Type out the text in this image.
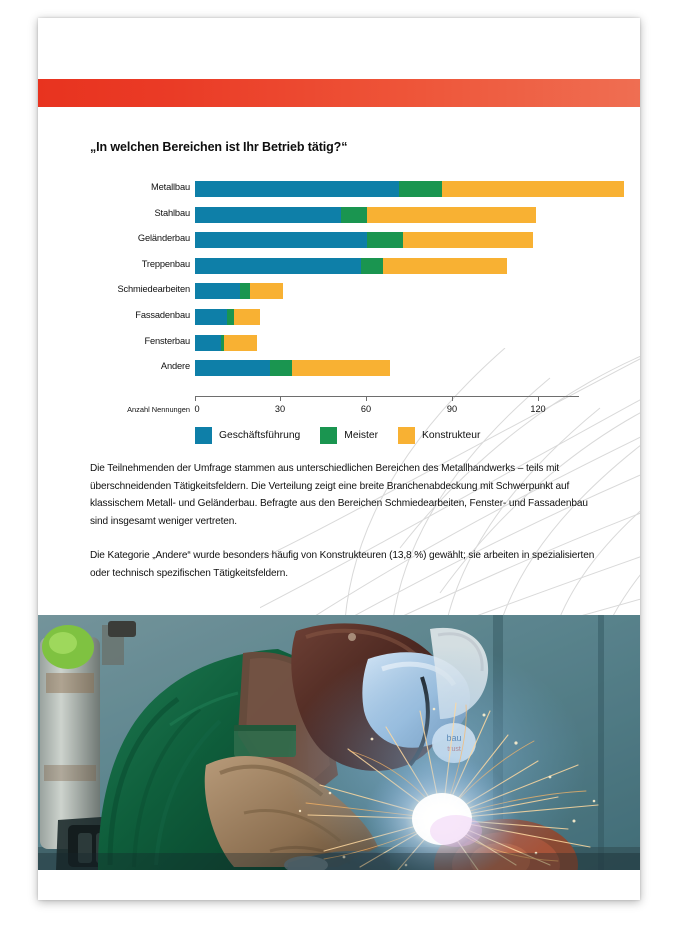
„In welchen Bereichen ist Ihr Betrieb tätig?“
Metallbau
Stahlbau
Geländerbau
Treppenbau
Schmiedearbeiten
Fassadenbau
Fensterbau
Andere
0	30	60	90	120
Anzahl Nennungen
Geschäftsführung	Meister	Konstrukteur
Die Teilnehmenden der Umfrage stammen aus unterschiedlichen Bereichen des Metallhandwerks – teils mit überschneidenden Tätigkeitsfeldern. Die Verteilung zeigt eine breite Branchenabdeckung mit Schwerpunkt auf klassischem Metall- und Geländerbau. Befragte aus den Bereichen Schmiedearbeiten, Fenster- und Fassadenbau sind insgesamt weniger vertreten.
Die Kategorie „Andere“ wurde besonders häufig von Konstrukteuren (13,8 %) gewählt; sie arbeiten in spezialisierten oder technisch spezifischen Tätigkeitsfeldern.
